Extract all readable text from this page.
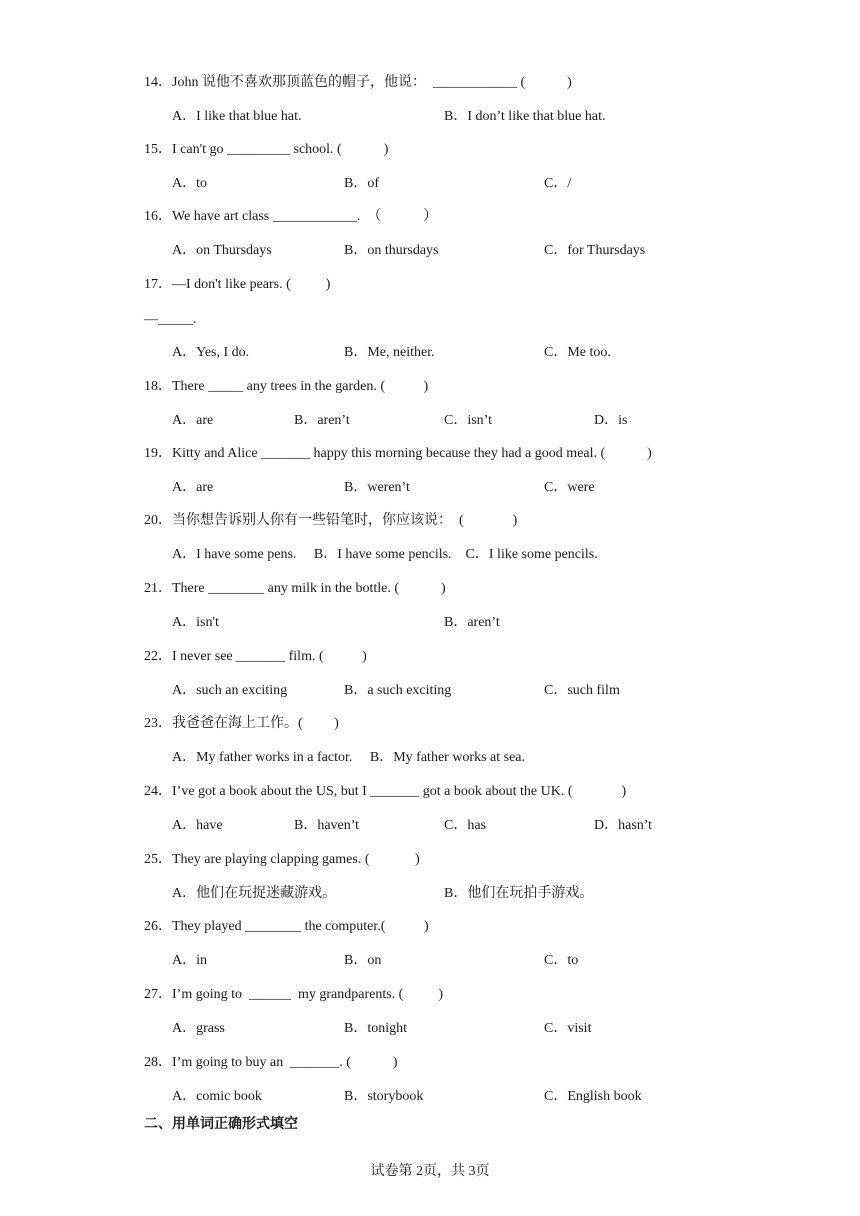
14．John 说他不喜欢那顶蓝色的帽子，他说：  ____________ (            )
A．I like that blue hat.	B．I don’t like that blue hat.
15．I can't go _________ school. (            )
A．to	B．of	C．/
16．We have art class ____________.  （            ）
A．on Thursdays	B．on thursdays	C．for Thursdays
17．—I don't like pears. (          )
—_____.
A．Yes, I do.	B．Me, neither.	C．Me too.
18．There _____ any trees in the garden. (           )
A．are	B．aren’t	C．isn’t	D．is
19．Kitty and Alice _______ happy this morning because they had a good meal. (            )
A．are	B．weren’t	C．were
20．当你想告诉别人你有一些铅笔时，你应该说：  (              )
A．I have some pens.     B．I have some pencils.    C．I like some pencils.
21．There ________ any milk in the bottle. (            )
A．isn't	B．aren’t
22．I never see _______ film. (           )
A．such an exciting	B．a such exciting	C．such film
23．我爸爸在海上工作。(         )
A．My father works in a factor.     B．My father works at sea.
24．I’ve got a book about the US, but I _______ got a book about the UK. (              )
A．have	B．haven’t	C．has	D．hasn’t
25．They are playing clapping games. (             )
A．他们在玩捉迷藏游戏。	B．他们在玩拍手游戏。
26．They played ________ the computer.(           )
A．in	B．on	C．to
27．I’m going to  ______  my grandparents. (          )
A．grass	B．tonight	C．visit
28．I’m going to buy an  _______. (            )
A．comic book	B．storybook	C．English book
二、用单词正确形式填空
试卷第 2页，共 3页
